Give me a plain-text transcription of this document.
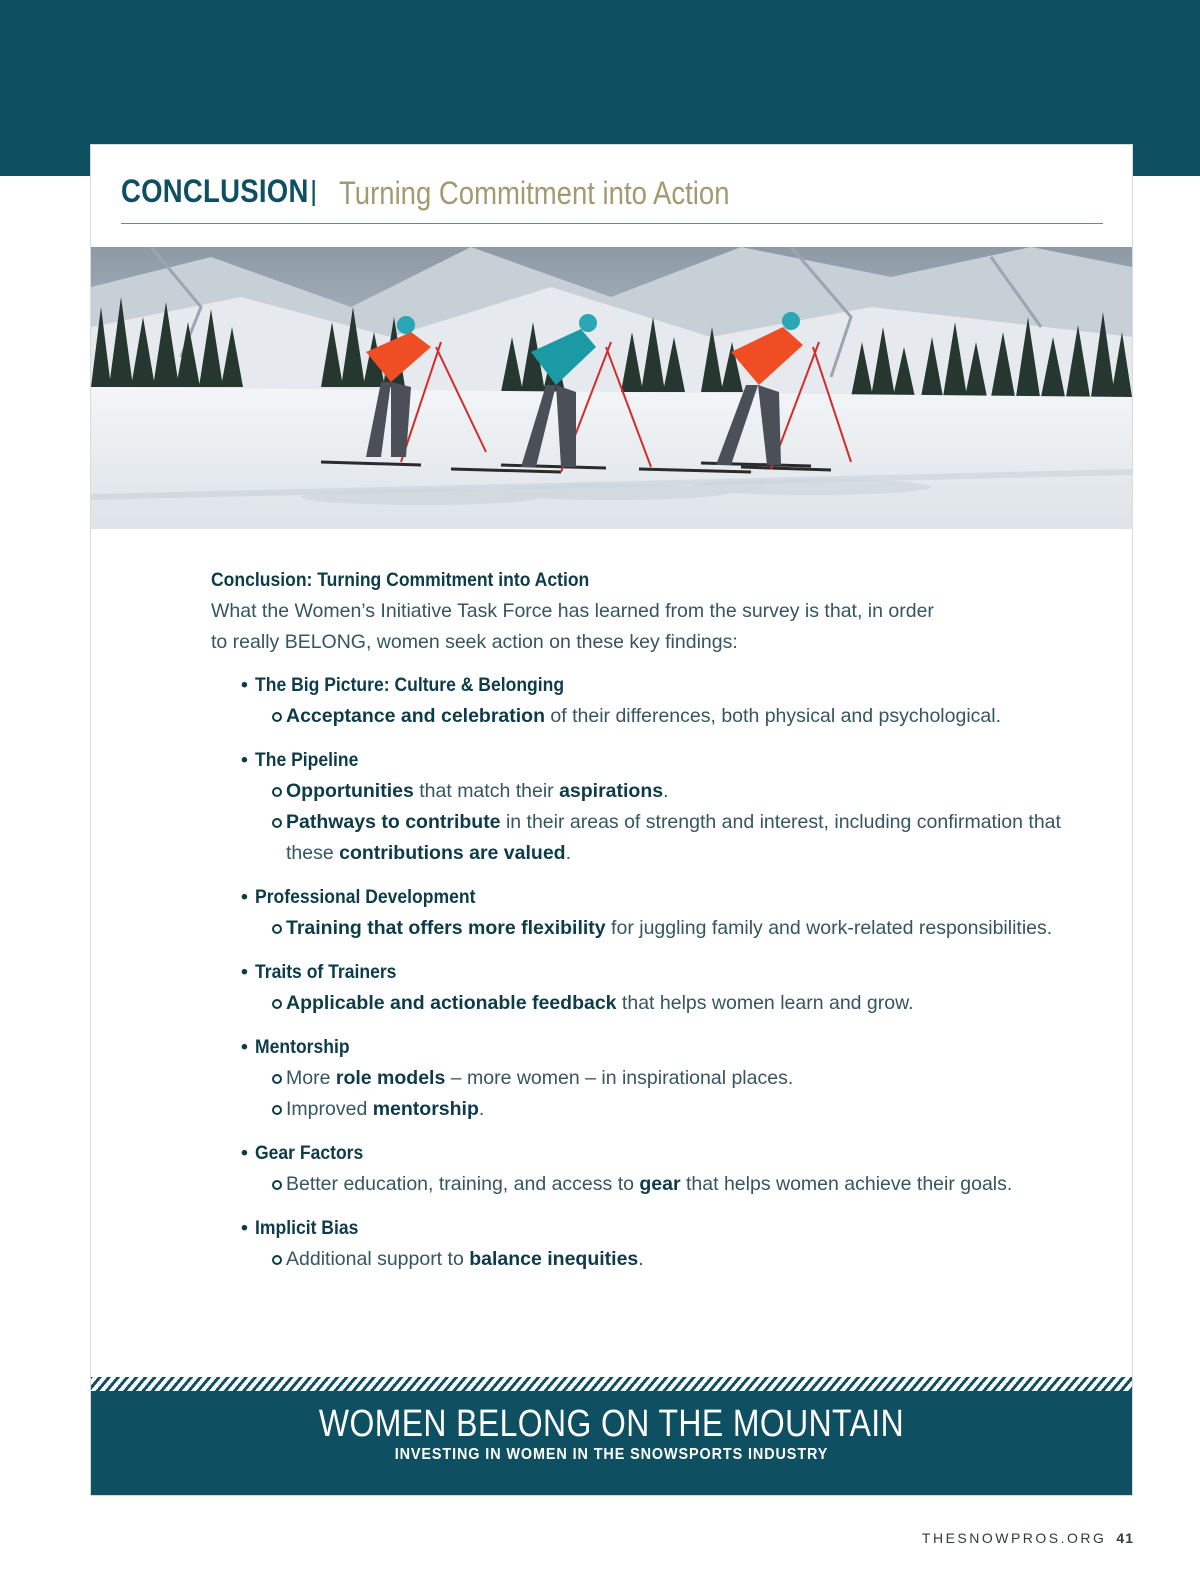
CONCLUSION | Turning Commitment into Action
Conclusion: Turning Commitment into Action

What the Women’s Initiative Task Force has learned from the survey is that, in order
to really BELONG, women seek action on these key findings:

• The Big Picture: Culture & Belonging
Acceptance and celebration of their differences, both physical and psychological.
• The Pipeline
Opportunities that match their aspirations.
Pathways to contribute in their areas of strength and interest, including confirmation that these contributions are valued.
• Professional Development
Training that offers more flexibility for juggling family and work-related responsibilities.
• Traits of Trainers
Applicable and actionable feedback that helps women learn and grow.
• Mentorship
More role models – more women – in inspirational places.
Improved mentorship.
• Gear Factors
Better education, training, and access to gear that helps women achieve their goals.
• Implicit Bias
Additional support to balance inequities.
WOMEN BELONG ON THE MOUNTAIN
INVESTING IN WOMEN IN THE SNOWSPORTS INDUSTRY
THESNOWPROS.ORG 41
